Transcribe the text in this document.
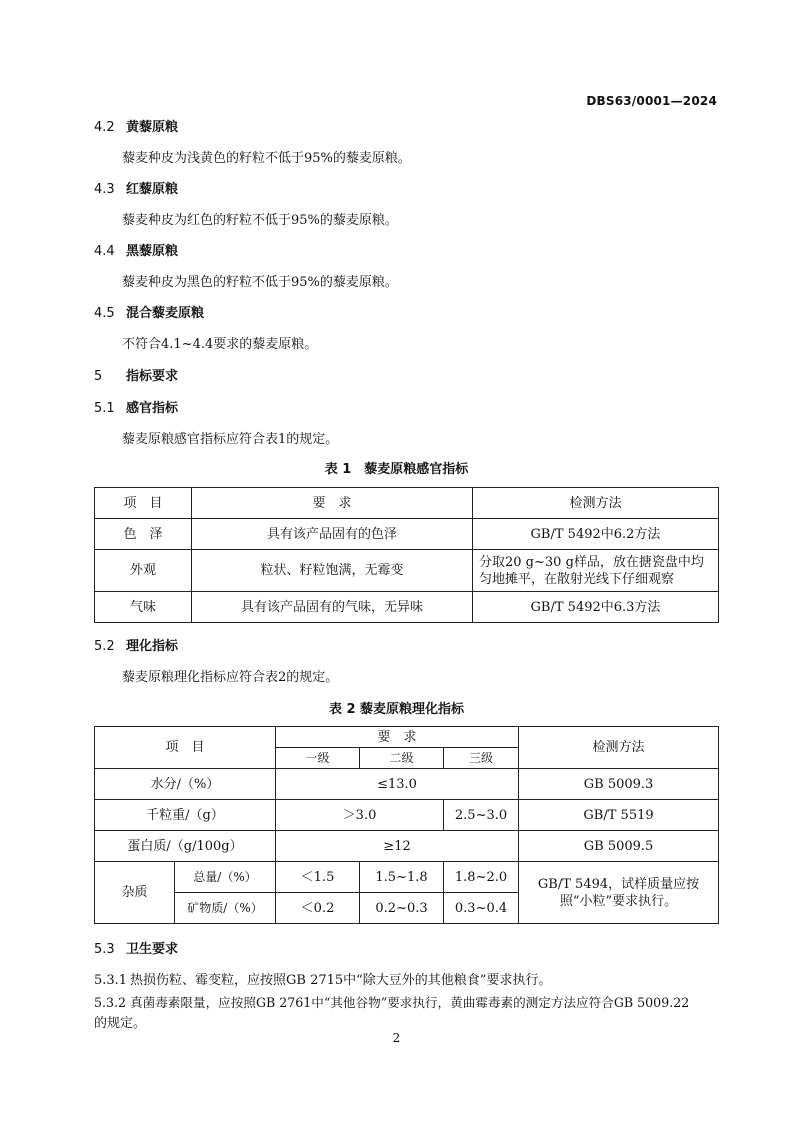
DBS63/0001—2024
4.2 黄藜原粮
藜麦种皮为浅黄色的籽粒不低于95%的藜麦原粮。
4.3 红藜原粮
藜麦种皮为红色的籽粒不低于95%的藜麦原粮。
4.4 黑藜原粮
藜麦种皮为黑色的籽粒不低于95%的藜麦原粮。
4.5 混合藜麦原粮
不符合4.1~4.4要求的藜麦原粮。
5 指标要求
5.1 感官指标
藜麦原粮感官指标应符合表1的规定。
表 1　藜麦原粮感官指标
项　目	要　求	检测方法
色　泽	具有该产品固有的色泽	GB/T 5492中6.2方法
外观	粒状、籽粒饱满，无霉变	分取20 g~30 g样品，放在搪瓷盘中均匀地摊平，在散射光线下仔细观察
气味	具有该产品固有的气味，无异味	GB/T 5492中6.3方法
5.2 理化指标
藜麦原粮理化指标应符合表2的规定。
表 2 藜麦原粮理化指标
项　目		要　求			检测方法
		一级	二级	三级	
水分/（%）		≤13.0			GB 5009.3
千粒重/（g）		＞3.0		2.5~3.0	GB/T 5519
蛋白质/（g/100g）		≥12			GB 5009.5
杂质	总量/（%）	＜1.5	1.5~1.8	1.8~2.0	GB/T 5494，试样质量应按照“小粒”要求执行。
	矿物质/（%）	＜0.2	0.2~0.3	0.3~0.4	
5.3 卫生要求
5.3.1 热损伤粒、霉变粒，应按照GB 2715中“除大豆外的其他粮食”要求执行。
5.3.2 真菌毒素限量，应按照GB 2761中“其他谷物”要求执行，黄曲霉毒素的测定方法应符合GB 5009.22
的规定。
2
